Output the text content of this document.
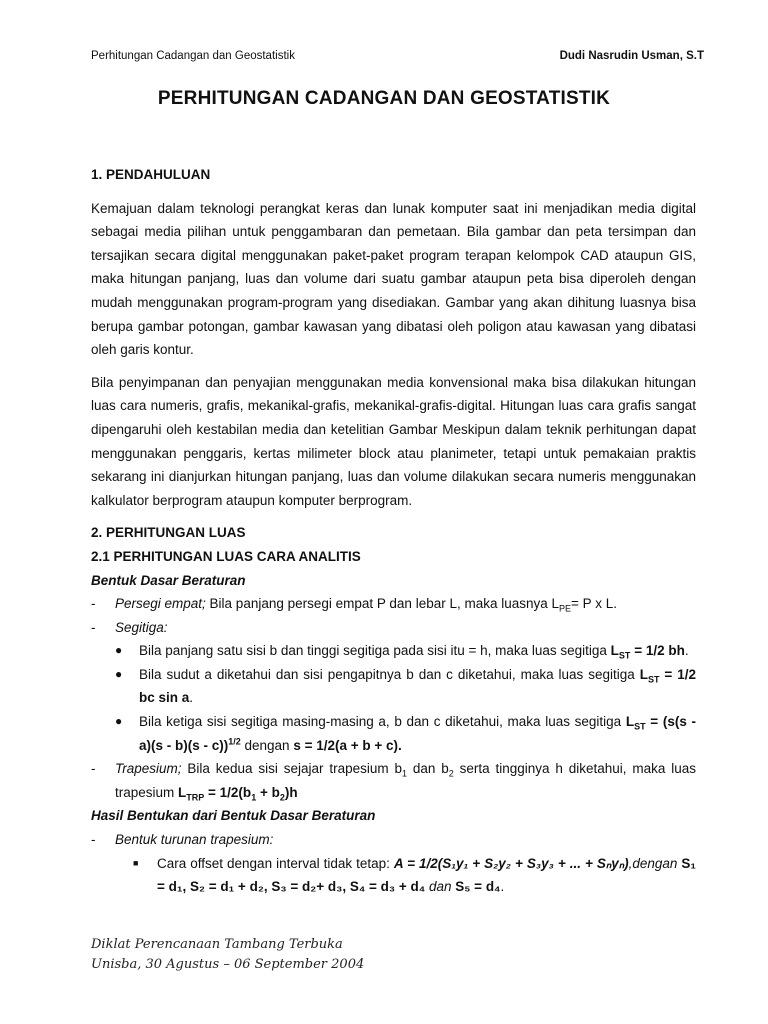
Perhitungan Cadangan dan Geostatistik	Dudi Nasrudin Usman, S.T
PERHITUNGAN CADANGAN DAN GEOSTATISTIK
1. PENDAHULUAN

Kemajuan dalam teknologi perangkat keras dan lunak komputer saat ini menjadikan media digital sebagai media pilihan untuk penggambaran dan pemetaan. Bila gambar dan peta tersimpan dan tersajikan secara digital menggunakan paket-paket program terapan kelompok CAD ataupun GIS, maka hitungan panjang, luas dan volume dari suatu gambar ataupun peta bisa diperoleh dengan mudah menggunakan program-program yang disediakan. Gambar yang akan dihitung luasnya bisa berupa gambar potongan, gambar kawasan yang dibatasi oleh poligon atau kawasan yang dibatasi oleh garis kontur.

Bila penyimpanan dan penyajian menggunakan media konvensional maka bisa dilakukan hitungan luas cara numeris, grafis, mekanikal-grafis, mekanikal-grafis-digital. Hitungan luas cara grafis sangat dipengaruhi oleh kestabilan media dan ketelitian Gambar Meskipun dalam teknik perhitungan dapat menggunakan penggaris, kertas milimeter block atau planimeter, tetapi untuk pemakaian praktis sekarang ini dianjurkan hitungan panjang, luas dan volume dilakukan secara numeris menggunakan kalkulator berprogram ataupun komputer berprogram.

2. PERHITUNGAN LUAS
2.1 PERHITUNGAN LUAS CARA ANALITIS
Bentuk Dasar Beraturan
-	Persegi empat; Bila panjang persegi empat P dan lebar L, maka luasnya $L_{PE}= P$ x L.
-	Segitiga:
●	Bila panjang satu sisi b dan tinggi segitiga pada sisi itu = h, maka luas segitiga $L_{ST} = 1/2$ bh.
●	Bila sudut a diketahui dan sisi pengapitnya b dan c diketahui, maka luas segitiga $L_{ST} = 1/2$ bc sin a.
●	Bila ketiga sisi segitiga masing-masing a, b dan c diketahui, maka luas segitiga $L_{ST} = (s(s - a)(s - b)(s - c))^{1/2}$ dengan s = 1/2(a + b + c).
-	Trapesium; Bila kedua sisi sejajar trapesium $b_1$ dan $b_2$ serta tingginya h diketahui, maka luas trapesium $L_{TRP} = 1/2(b_1 + b_2)h$
Hasil Bentukan dari Bentuk Dasar Beraturan
-	Bentuk turunan trapesium:
■	Cara offset dengan interval tidak tetap: A = 1/2(S₁y₁ + S₂y₂ + S₃y₃ + ... + Sₙyₙ),dengan S₁ = d₁, S₂ = d₁ + d₂, S₃ = d₂+ d₃, S₄ = d₃ + d₄ dan S₅ = d₄.
Diklat Perencanaan Tambang Terbuka
Unisba, 30 Agustus – 06 September 2004
